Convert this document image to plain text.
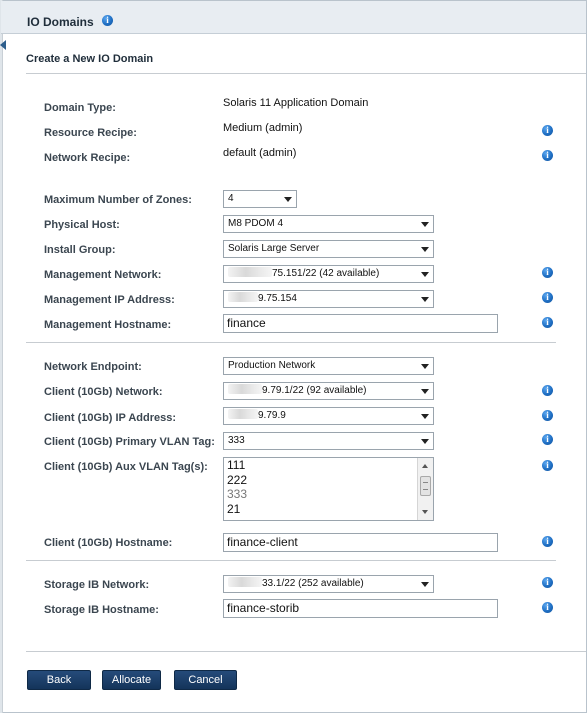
IO Domains	i
Create a New IO Domain
Domain Type:	Solaris 11 Application Domain
Resource Recipe:	Medium (admin)	i
Network Recipe:	default (admin)	i
Maximum Number of Zones:	4
Physical Host:	M8 PDOM 4
Install Group:	Solaris Large Server
Management Network:	75.151/22 (42 available)	i
Management IP Address:	9.75.154	i
Management Hostname:	finance	i
Network Endpoint:	Production Network
Client (10Gb) Network:	9.79.1/22 (92 available)	i
Client (10Gb) IP Address:	9.79.9	i
Client (10Gb) Primary VLAN Tag:	333	i
Client (10Gb) Aux VLAN Tag(s): 111
222
333
21
i
Client (10Gb) Hostname:	finance-client	i
Storage IB Network:	33.1/22 (252 available)	i
Storage IB Hostname:	finance-storib	i
Back	Allocate	Cancel
